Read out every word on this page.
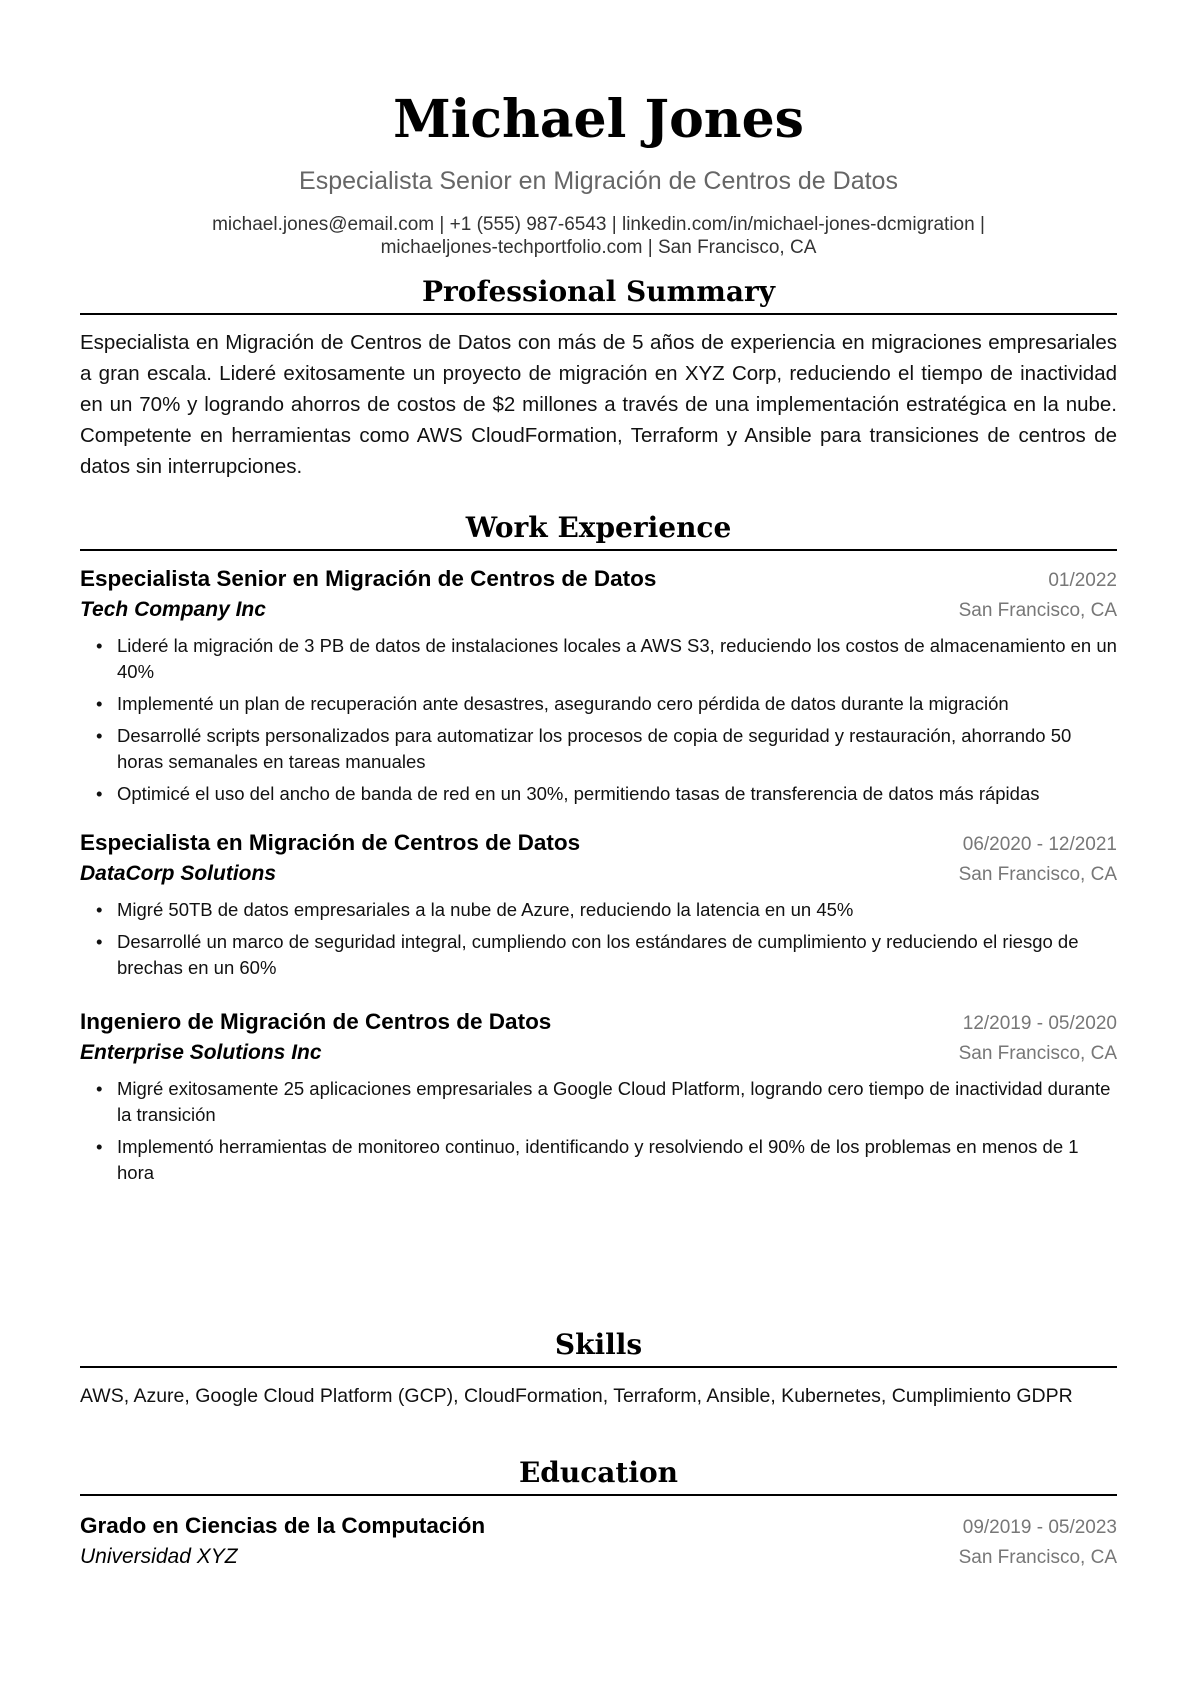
Michael Jones
Especialista Senior en Migración de Centros de Datos
michael.jones@email.com | +1 (555) 987-6543 | linkedin.com/in/michael-jones-dcmigration |
michaeljones-techportfolio.com | San Francisco, CA
Professional Summary
Especialista en Migración de Centros de Datos con más de 5 años de experiencia en migraciones empresariales a gran escala. Lideré exitosamente un proyecto de migración en XYZ Corp, reduciendo el tiempo de inactividad en un 70% y logrando ahorros de costos de $2 millones a través de una implementación estratégica en la nube. Competente en herramientas como AWS CloudFormation, Terraform y Ansible para transiciones de centros de datos sin interrupciones.
Work Experience
Especialista Senior en Migración de Centros de Datos	01/2022
Tech Company Inc	San Francisco, CA
• Lideré la migración de 3 PB de datos de instalaciones locales a AWS S3, reduciendo los costos de almacenamiento en un 40%
• Implementé un plan de recuperación ante desastres, asegurando cero pérdida de datos durante la migración
• Desarrollé scripts personalizados para automatizar los procesos de copia de seguridad y restauración, ahorrando 50 horas semanales en tareas manuales
• Optimicé el uso del ancho de banda de red en un 30%, permitiendo tasas de transferencia de datos más rápidas
Especialista en Migración de Centros de Datos	06/2020 - 12/2021
DataCorp Solutions	San Francisco, CA
• Migré 50TB de datos empresariales a la nube de Azure, reduciendo la latencia en un 45%
• Desarrollé un marco de seguridad integral, cumpliendo con los estándares de cumplimiento y reduciendo el riesgo de brechas en un 60%
Ingeniero de Migración de Centros de Datos	12/2019 - 05/2020
Enterprise Solutions Inc	San Francisco, CA
• Migré exitosamente 25 aplicaciones empresariales a Google Cloud Platform, logrando cero tiempo de inactividad durante la transición
• Implementó herramientas de monitoreo continuo, identificando y resolviendo el 90% de los problemas en menos de 1 hora
Skills
AWS, Azure, Google Cloud Platform (GCP), CloudFormation, Terraform, Ansible, Kubernetes, Cumplimiento GDPR
Education
Grado en Ciencias de la Computación	09/2019 - 05/2023
Universidad XYZ	San Francisco, CA
